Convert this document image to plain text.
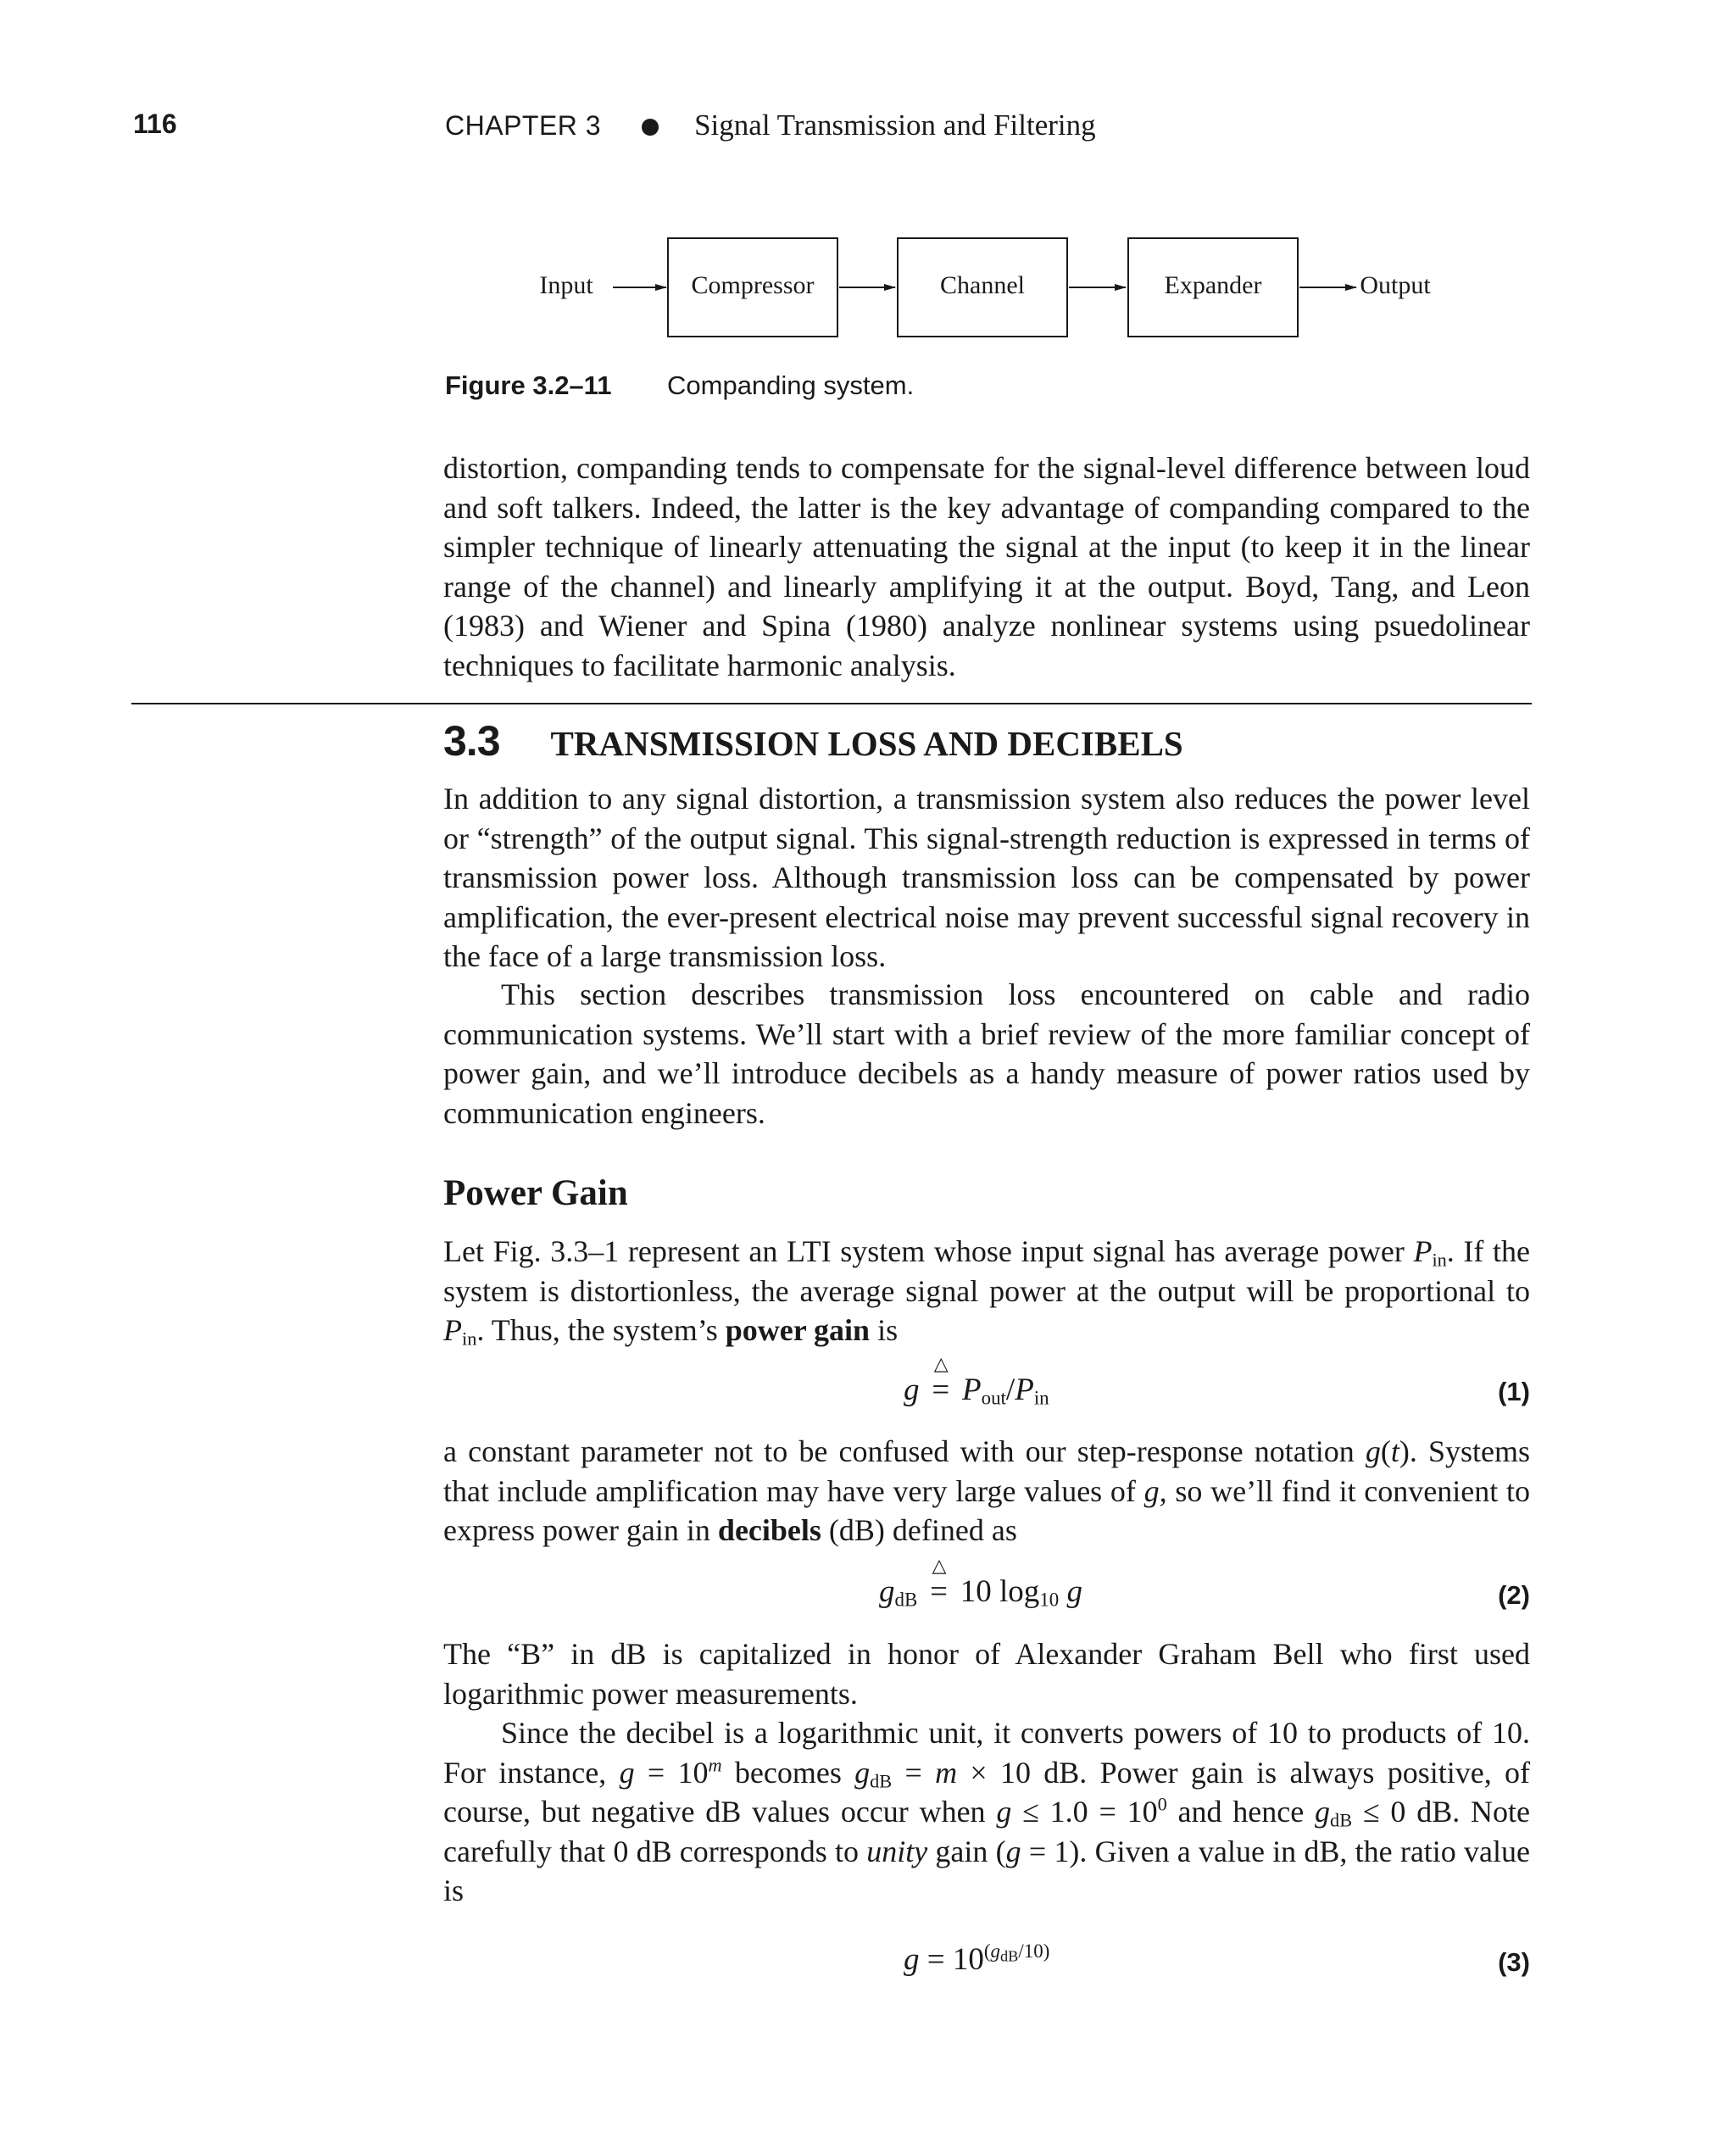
116	CHAPTER 3	Signal Transmission and Filtering
Input	Compressor	Channel	Expander	Output
Figure 3.2–11 Companding system.
distortion, companding tends to compensate for the signal-level difference between loud and soft talkers. Indeed, the latter is the key advantage of companding compared to the simpler technique of linearly attenuating the signal at the input (to keep it in the linear range of the channel) and linearly amplifying it at the output. Boyd, Tang, and Leon (1983) and Wiener and Spina (1980) analyze nonlinear systems using psuedolinear techniques to facilitate harmonic analysis.
3.3 TRANSMISSION LOSS AND DECIBELS
In addition to any signal distortion, a transmission system also reduces the power level or “strength” of the output signal. This signal-strength reduction is expressed in terms of transmission power loss. Although transmission loss can be compensated by power amplification, the ever-present electrical noise may prevent successful signal recovery in the face of a large transmission loss.
This section describes transmission loss encountered on cable and radio communication systems. We’ll start with a brief review of the more familiar concept of power gain, and we’ll introduce decibels as a handy measure of power ratios used by communication engineers.
Power Gain
Let Fig. 3.3–1 represent an LTI system whose input signal has average power $P_{in}$. If the system is distortionless, the average signal power at the output will be proportional to $P_{in}$. Thus, the system’s power gain is
g
△
= $P_{out}/P_{in}$	(1)
a constant parameter not to be confused with our step-response notation g(t). Systems that include amplification may have very large values of g, so we’ll find it convenient to express power gain in decibels (dB) defined as
$g_{dB}$
△
= 10 $\log_{10} g$	(2)
The “B” in dB is capitalized in honor of Alexander Graham Bell who first used logarithmic power measurements.
Since the decibel is a logarithmic unit, it converts powers of 10 to products of 10. For instance, $g = 10^m$ becomes $g_{dB} = m \times 10$ dB. Power gain is always positive, of course, but negative dB values occur when $g \le 1.0 = 10^0$ and hence $g_{dB} \le 0$ dB. Note carefully that 0 dB corresponds to unity gain (g = 1). Given a value in dB, the ratio value is
$g = 10^{(g_{dB}/10)}$	(3)
